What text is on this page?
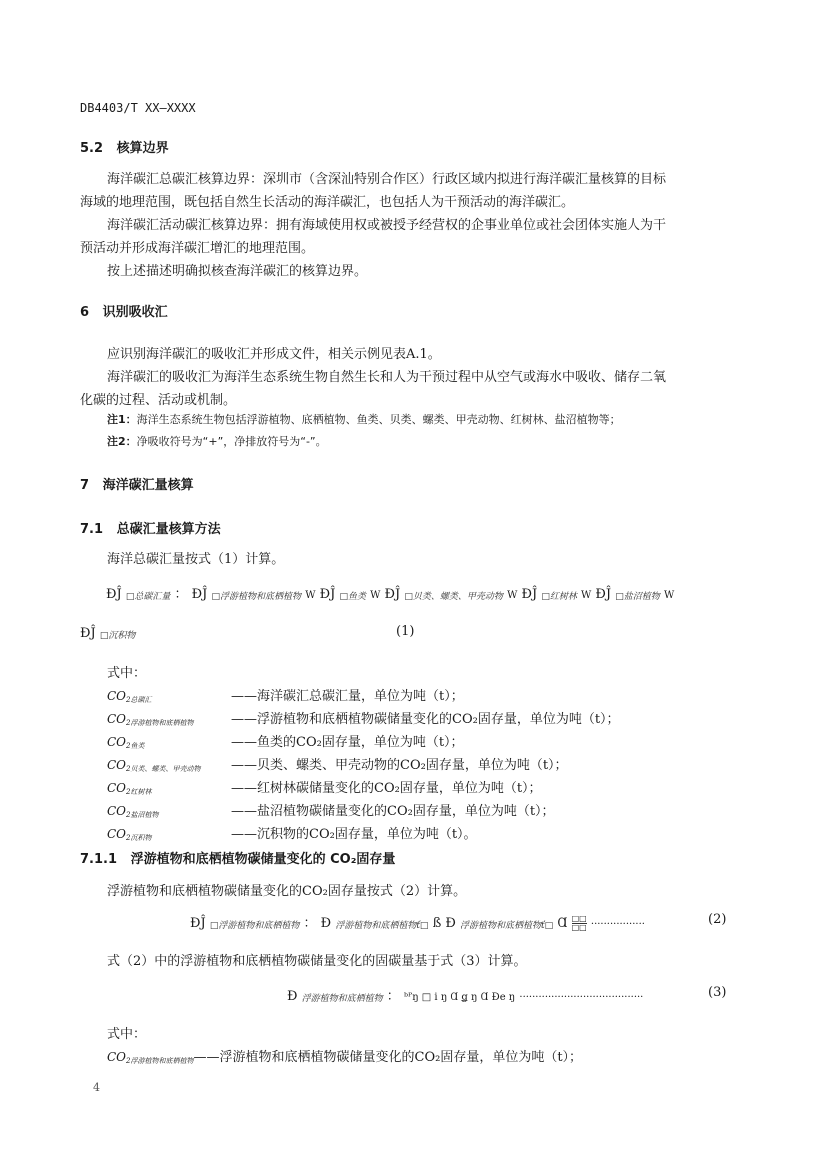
DB4403/T XX—XXXX
5.2 核算边界
海洋碳汇总碳汇核算边界：深圳市（含深汕特别合作区）行政区域内拟进行海洋碳汇量核算的目标
海域的地理范围，既包括自然生长活动的海洋碳汇，也包括人为干预活动的海洋碳汇。
海洋碳汇活动碳汇核算边界：拥有海域使用权或被授予经营权的企事业单位或社会团体实施人为干
预活动并形成海洋碳汇增汇的地理范围。
按上述描述明确拟核查海洋碳汇的核算边界。
6 识别吸收汇
应识别海洋碳汇的吸收汇并形成文件，相关示例见表A.1。
海洋碳汇的吸收汇为海洋生态系统生物自然生长和人为干预过程中从空气或海水中吸收、储存二氧
化碳的过程、活动或机制。
注1：海洋生态系统生物包括浮游植物、底栖植物、鱼类、贝类、螺类、甲壳动物、红树林、盐沼植物等；
注2：净吸收符号为“+”，净排放符号为“-”。
7 海洋碳汇量核算
7.1 总碳汇量核算方法
海洋总碳汇量按式（1）计算。
ÐĴ □总碳汇量 ： ÐĴ □浮游植物和底栖植物 W ÐĴ □鱼类 W ÐĴ □贝类、螺类、甲壳动物 W ÐĴ □红树林 W ÐĴ □盐沼植物 W
ÐĴ □沉积物	(1)
式中：
$CO_{2总碳汇}$	——海洋碳汇总碳汇量，单位为吨（t）；
$CO_{2浮游植物和底栖植物}$	——浮游植物和底栖植物碳储量变化的CO₂固存量，单位为吨（t）；
$CO_{2鱼类}$	——鱼类的CO₂固存量，单位为吨（t）；
$CO_{2贝类、螺类、甲壳动物}$ ——贝类、螺类、甲壳动物的CO₂固存量，单位为吨（t）；
$CO_{2红树林}$	——红树林碳储量变化的CO₂固存量，单位为吨（t）；
$CO_{2盐沼植物}$	——盐沼植物碳储量变化的CO₂固存量，单位为吨（t）；
$CO_{2沉积物}$	——沉积物的CO₂固存量，单位为吨（t）。
7.1.1 浮游植物和底栖植物碳储量变化的 CO₂固存量
浮游植物和底栖植物碳储量变化的CO₂固存量按式（2）计算。
ÐĴ □浮游植物和底栖植物 ： Ð 浮游植物和底栖植物ť□ ß Ð 浮游植物和底栖植物ť□ Ɑ □□
□□ ·················	(2)
式（2）中的浮游植物和底栖植物碳储量变化的固碳量基于式（3）计算。
Ð 浮游植物和底栖植物 ： ᵇᴾŋ □ i ŋ Ɑ ǥ ŋ Ɑ Ðe ŋ ·······································	(3)
式中：
$CO_{2浮游植物和底栖植物}——$浮游植物和底栖植物碳储量变化的CO₂固存量，单位为吨（t）；
4
